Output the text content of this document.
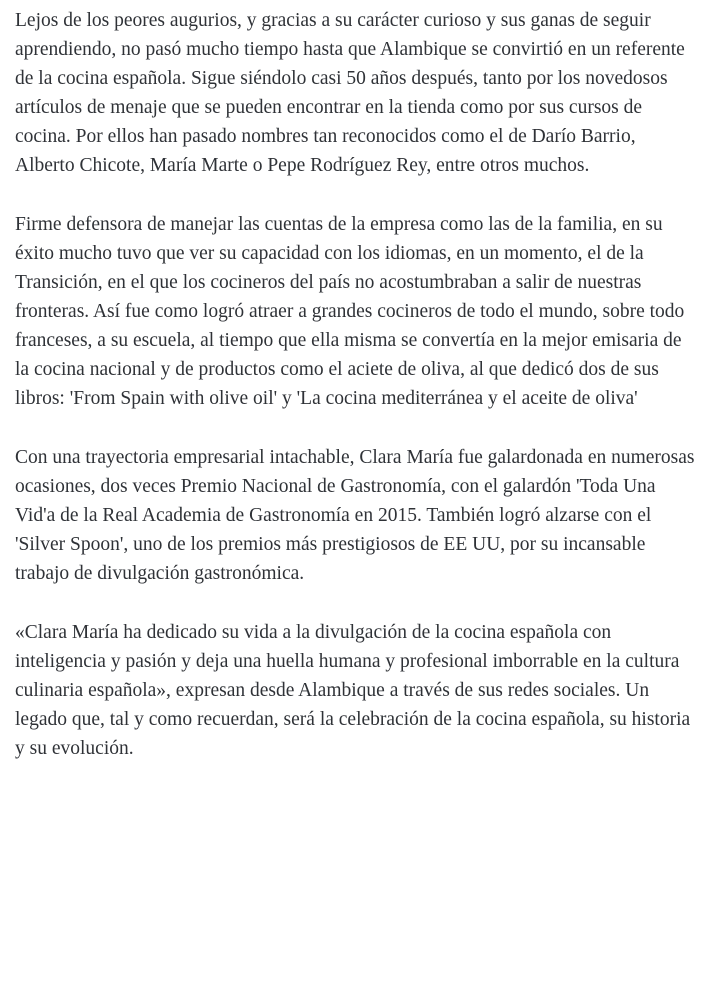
Lejos de los peores augurios, y gracias a su carácter curioso y sus ganas de seguir aprendiendo, no pasó mucho tiempo hasta que Alambique se convirtió en un referente de la cocina española. Sigue siéndolo casi 50 años después, tanto por los novedosos artículos de menaje que se pueden encontrar en la tienda como por sus cursos de cocina. Por ellos han pasado nombres tan reconocidos como el de Darío Barrio, Alberto Chicote, María Marte o Pepe Rodríguez Rey, entre otros muchos.

Firme defensora de manejar las cuentas de la empresa como las de la familia, en su éxito mucho tuvo que ver su capacidad con los idiomas, en un momento, el de la Transición, en el que los cocineros del país no acostumbraban a salir de nuestras fronteras. Así fue como logró atraer a grandes cocineros de todo el mundo, sobre todo franceses, a su escuela, al tiempo que ella misma se convertía en la mejor emisaria de la cocina nacional y de productos como el aciete de oliva, al que dedicó dos de sus libros: 'From Spain with olive oil' y 'La cocina mediterránea y el aceite de oliva'

Con una trayectoria empresarial intachable, Clara María fue galardonada en numerosas ocasiones, dos veces Premio Nacional de Gastronomía, con el galardón 'Toda Una Vid'a de la Real Academia de Gastronomía en 2015. También logró alzarse con el 'Silver Spoon', uno de los premios más prestigiosos de EE UU, por su incansable trabajo de divulgación gastronómica.

«Clara María ha dedicado su vida a la divulgación de la cocina española con inteligencia y pasión y deja una huella humana y profesional imborrable en la cultura culinaria española», expresan desde Alambique a través de sus redes sociales. Un legado que, tal y como recuerdan, será la celebración de la cocina española, su historia y su evolución.
